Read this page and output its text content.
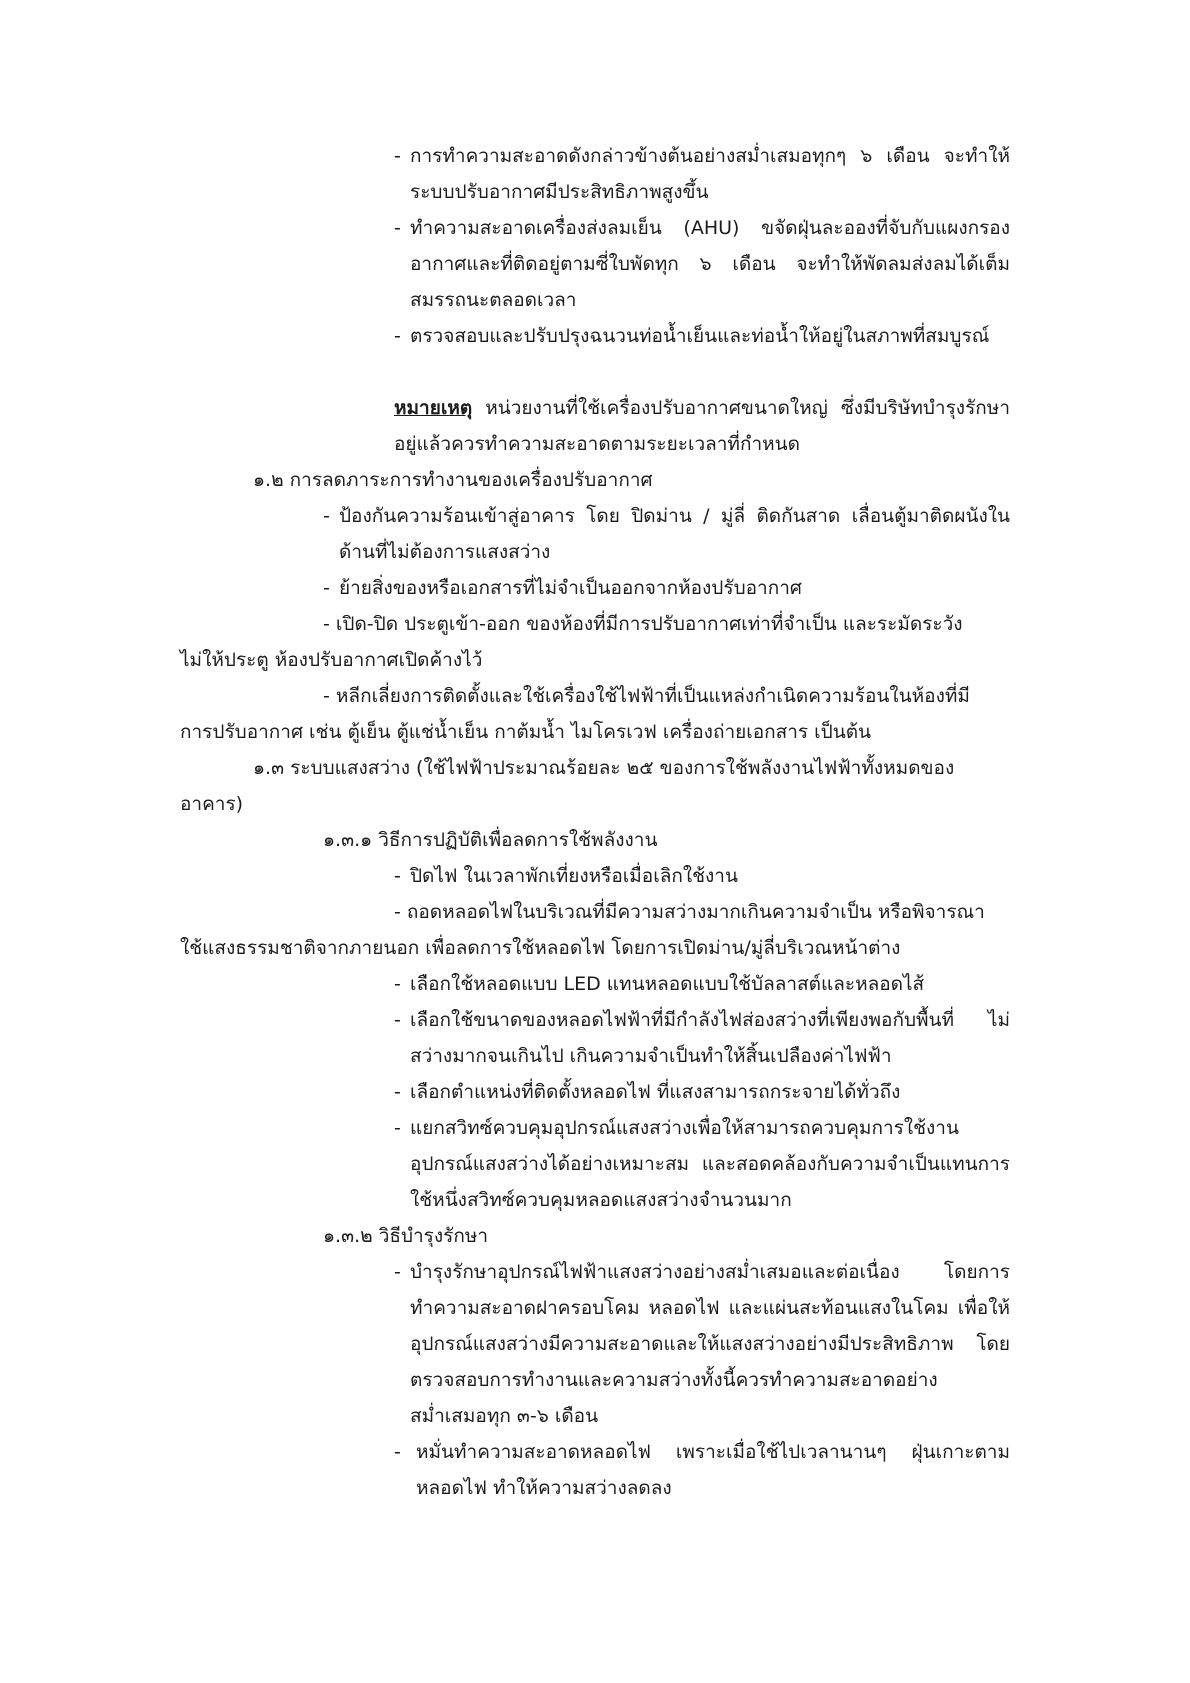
- การทำความสะอาดดังกล่าวข้างต้นอย่างสม่ำเสมอทุกๆ ๖ เดือน จะทำให้ระบบปรับอากาศมีประสิทธิภาพสูงขึ้น
- ทำความสะอาดเครื่องส่งลมเย็น (AHU) ขจัดฝุ่นละอองที่จับกับแผงกรองอากาศและที่ติดอยู่ตามซี่ใบพัดทุก ๖ เดือน จะทำให้พัดลมส่งลมได้เต็มสมรรถนะตลอดเวลา
- ตรวจสอบและปรับปรุงฉนวนท่อน้ำเย็นและท่อน้ำให้อยู่ในสภาพที่สมบูรณ์
หมายเหตุ หน่วยงานที่ใช้เครื่องปรับอากาศขนาดใหญ่ ซึ่งมีบริษัทบำรุงรักษาอยู่แล้วควรทำความสะอาดตามระยะเวลาที่กำหนด
๑.๒ การลดภาระการทำงานของเครื่องปรับอากาศ
- ป้องกันความร้อนเข้าสู่อาคาร โดย ปิดม่าน / มู่ลี่ ติดกันสาด เลื่อนตู้มาติดผนังในด้านที่ไม่ต้องการแสงสว่าง
- ย้ายสิ่งของหรือเอกสารที่ไม่จำเป็นออกจากห้องปรับอากาศ
- เปิด-ปิด ประตูเข้า-ออก ของห้องที่มีการปรับอากาศเท่าที่จำเป็น และระมัดระวัง
ไม่ให้ประตู ห้องปรับอากาศเปิดค้างไว้
- หลีกเลี่ยงการติดตั้งและใช้เครื่องใช้ไฟฟ้าที่เป็นแหล่งกำเนิดความร้อนในห้องที่มี
การปรับอากาศ เช่น ตู้เย็น ตู้แช่น้ำเย็น กาต้มน้ำ ไมโครเวฟ เครื่องถ่ายเอกสาร เป็นต้น
๑.๓ ระบบแสงสว่าง (ใช้ไฟฟ้าประมาณร้อยละ ๒๕ ของการใช้พลังงานไฟฟ้าทั้งหมดของ
อาคาร)
๑.๓.๑ วิธีการปฏิบัติเพื่อลดการใช้พลังงาน
- ปิดไฟ ในเวลาพักเที่ยงหรือเมื่อเลิกใช้งาน
- ถอดหลอดไฟในบริเวณที่มีความสว่างมากเกินความจำเป็น หรือพิจารณา
ใช้แสงธรรมชาติจากภายนอก เพื่อลดการใช้หลอดไฟ โดยการเปิดม่าน/มู่ลี่บริเวณหน้าต่าง
- เลือกใช้หลอดแบบ LED แทนหลอดแบบใช้บัลลาสต์และหลอดไส้
- เลือกใช้ขนาดของหลอดไฟฟ้าที่มีกำลังไฟส่องสว่างที่เพียงพอกับพื้นที่ ไม่สว่างมากจนเกินไป เกินความจำเป็นทำให้สิ้นเปลืองค่าไฟฟ้า
- เลือกตำแหน่งที่ติดตั้งหลอดไฟ ที่แสงสามารถกระจายได้ทั่วถึง
- แยกสวิทซ์ควบคุมอุปกรณ์แสงสว่างเพื่อให้สามารถควบคุมการใช้งานอุปกรณ์แสงสว่างได้อย่างเหมาะสม และสอดคล้องกับความจำเป็นแทนการใช้หนึ่งสวิทซ์ควบคุมหลอดแสงสว่างจำนวนมาก
๑.๓.๒ วิธีบำรุงรักษา
- บำรุงรักษาอุปกรณ์ไฟฟ้าแสงสว่างอย่างสม่ำเสมอและต่อเนื่อง โดยการทำความสะอาดฝาครอบโคม หลอดไฟ และแผ่นสะท้อนแสงในโคม เพื่อให้อุปกรณ์แสงสว่างมีความสะอาดและให้แสงสว่างอย่างมีประสิทธิภาพ โดยตรวจสอบการทำงานและความสว่างทั้งนี้ควรทำความสะอาดอย่างสม่ำเสมอทุก ๓-๖ เดือน
- หมั่นทำความสะอาดหลอดไฟ เพราะเมื่อใช้ไปเวลานานๆ ฝุ่นเกาะตามหลอดไฟ ทำให้ความสว่างลดลง
